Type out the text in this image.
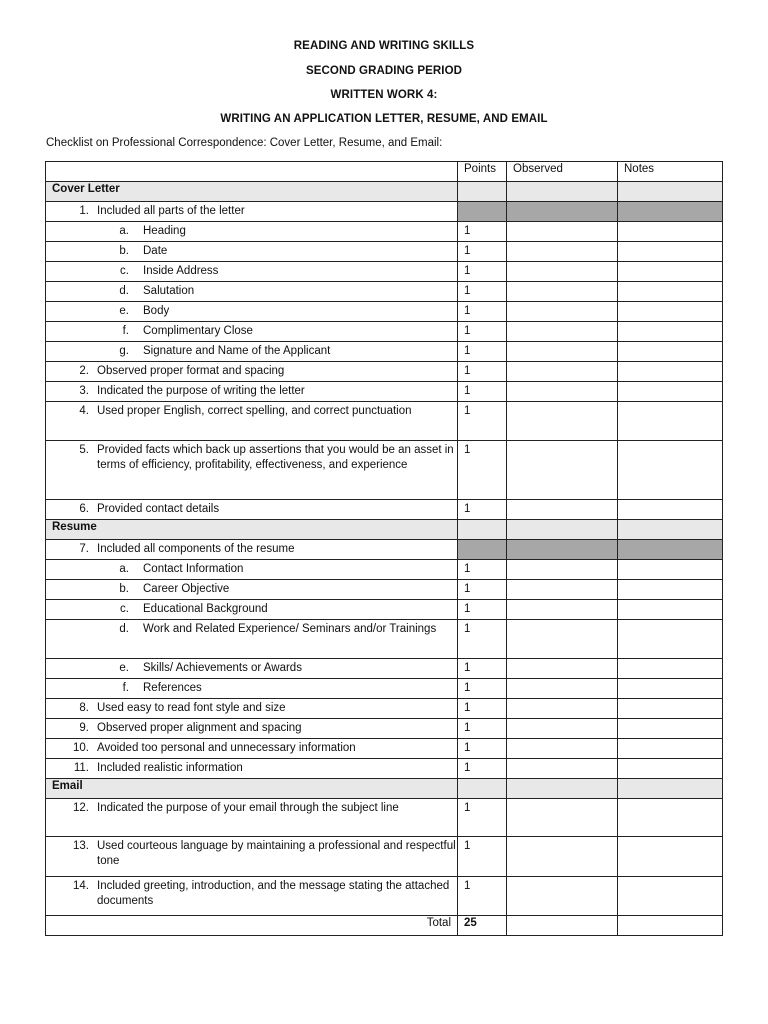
READING AND WRITING SKILLS
SECOND GRADING PERIOD
WRITTEN WORK 4:
WRITING AN APPLICATION LETTER, RESUME, AND EMAIL
Checklist on Professional Correspondence: Cover Letter, Resume, and Email:
	Points	Observed	Notes
Cover Letter			

1. Included all parts of the letter			

a. Heading	1		

b. Date	1		

c. Inside Address	1		

d. Salutation	1		

e. Body	1		

f. Complimentary Close	1		

g. Signature and Name of the Applicant	1		

2. Observed proper format and spacing	1		

3. Indicated the purpose of writing the letter	1		

4. Used proper English, correct spelling, and correct punctuation	1		

5. Provided facts which back up assertions that you would be an asset in terms of efficiency, profitability, effectiveness, and experience	1		

6. Provided contact details	1		

Resume			

7. Included all components of the resume			

a. Contact Information	1		

b. Career Objective	1		

c. Educational Background	1		

d. Work and Related Experience/ Seminars and/or Trainings	1		

e. Skills/ Achievements or Awards	1		

f. References	1		

8. Used easy to read font style and size	1		

9. Observed proper alignment and spacing	1		

10. Avoided too personal and unnecessary information	1		

11. Included realistic information	1		

Email			

12. Indicated the purpose of your email through the subject line	1		

13. Used courteous language by maintaining a professional and respectful tone	1		

14. Included greeting, introduction, and the message stating the attached documents	1		

Total	25		
